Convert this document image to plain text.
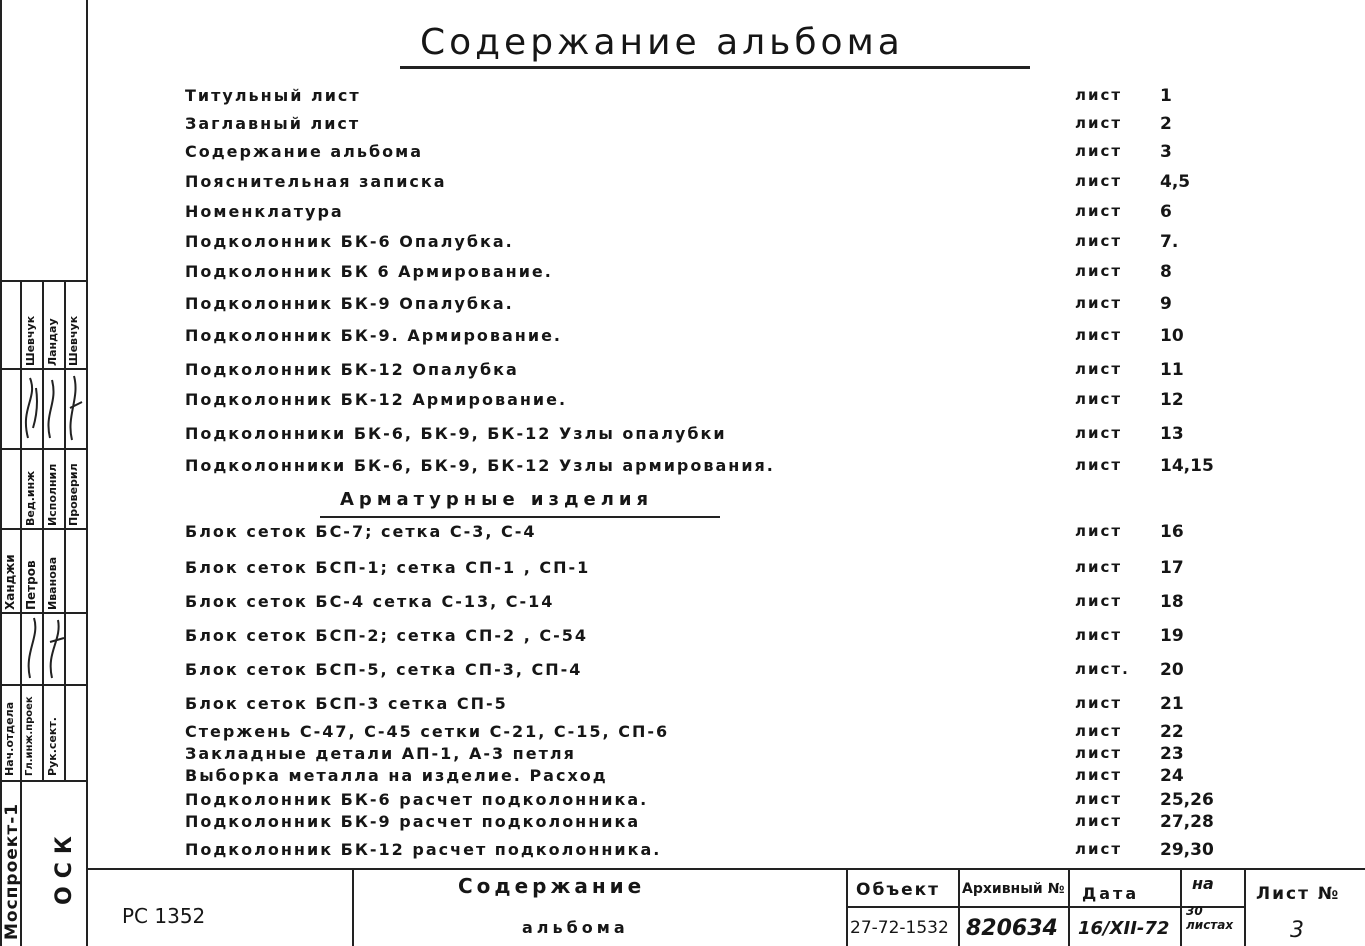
Содержание альбома
Титульный лист	лист 1
Заглавный лист	лист 2
Содержание альбома	лист 3
Пояснительная записка	лист 4,5
Номенклатура	лист 6
Подколонник БК-6 Опалубка.	лист 7.
Подколонник БК 6 Армирование.	лист 8
Подколонник БК-9 Опалубка.	лист 9
Подколонник БК-9. Армирование.	лист 10
Подколонник БК-12 Опалубка	лист 11
Подколонник БК-12 Армирование.	лист 12
Подколонники БК-6, БК-9, БК-12 Узлы опалубки	лист 13
Подколонники БК-6, БК-9, БК-12 Узлы армирования.	лист 14,15
Арматурные изделия
Блок сеток БС-7; сетка С-3, С-4	лист 16
Блок сеток БСП-1; сетка СП-1 , СП-1	лист 17
Блок сеток БС-4 сетка С-13, С-14	лист 18
Блок сеток БСП-2; сетка СП-2 , С-54	лист 19
Блок сеток БСП-5, сетка СП-3, СП-4	лист. 20
Блок сеток БСП-3 сетка СП-5	лист 21
Стержень С-47, С-45 сетки С-21, С-15, СП-6	лист 22
Закладные детали АП-1, А-3 петля	лист 23
Выборка металла на изделие. Расход	лист 24
Подколонник БК-6 расчет подколонника.	лист 25,26
Подколонник БК-9 расчет подколонника	лист 27,28
Подколонник БК-12 расчет подколонника.	лист 29,30
Моспроект-1 ОСК
Нач.отдела Гл.инж.проек Рук.сект.
Вед.инж Исполнил Проверил
Ханджи Петров Иванова
Шевчук Ландау Шевчук
РС 1352
Содержание
альбома
Объект
27-72-1532
Архивный №
820634
Дата
16/XII-72
на
30 листах
Лист №
3
